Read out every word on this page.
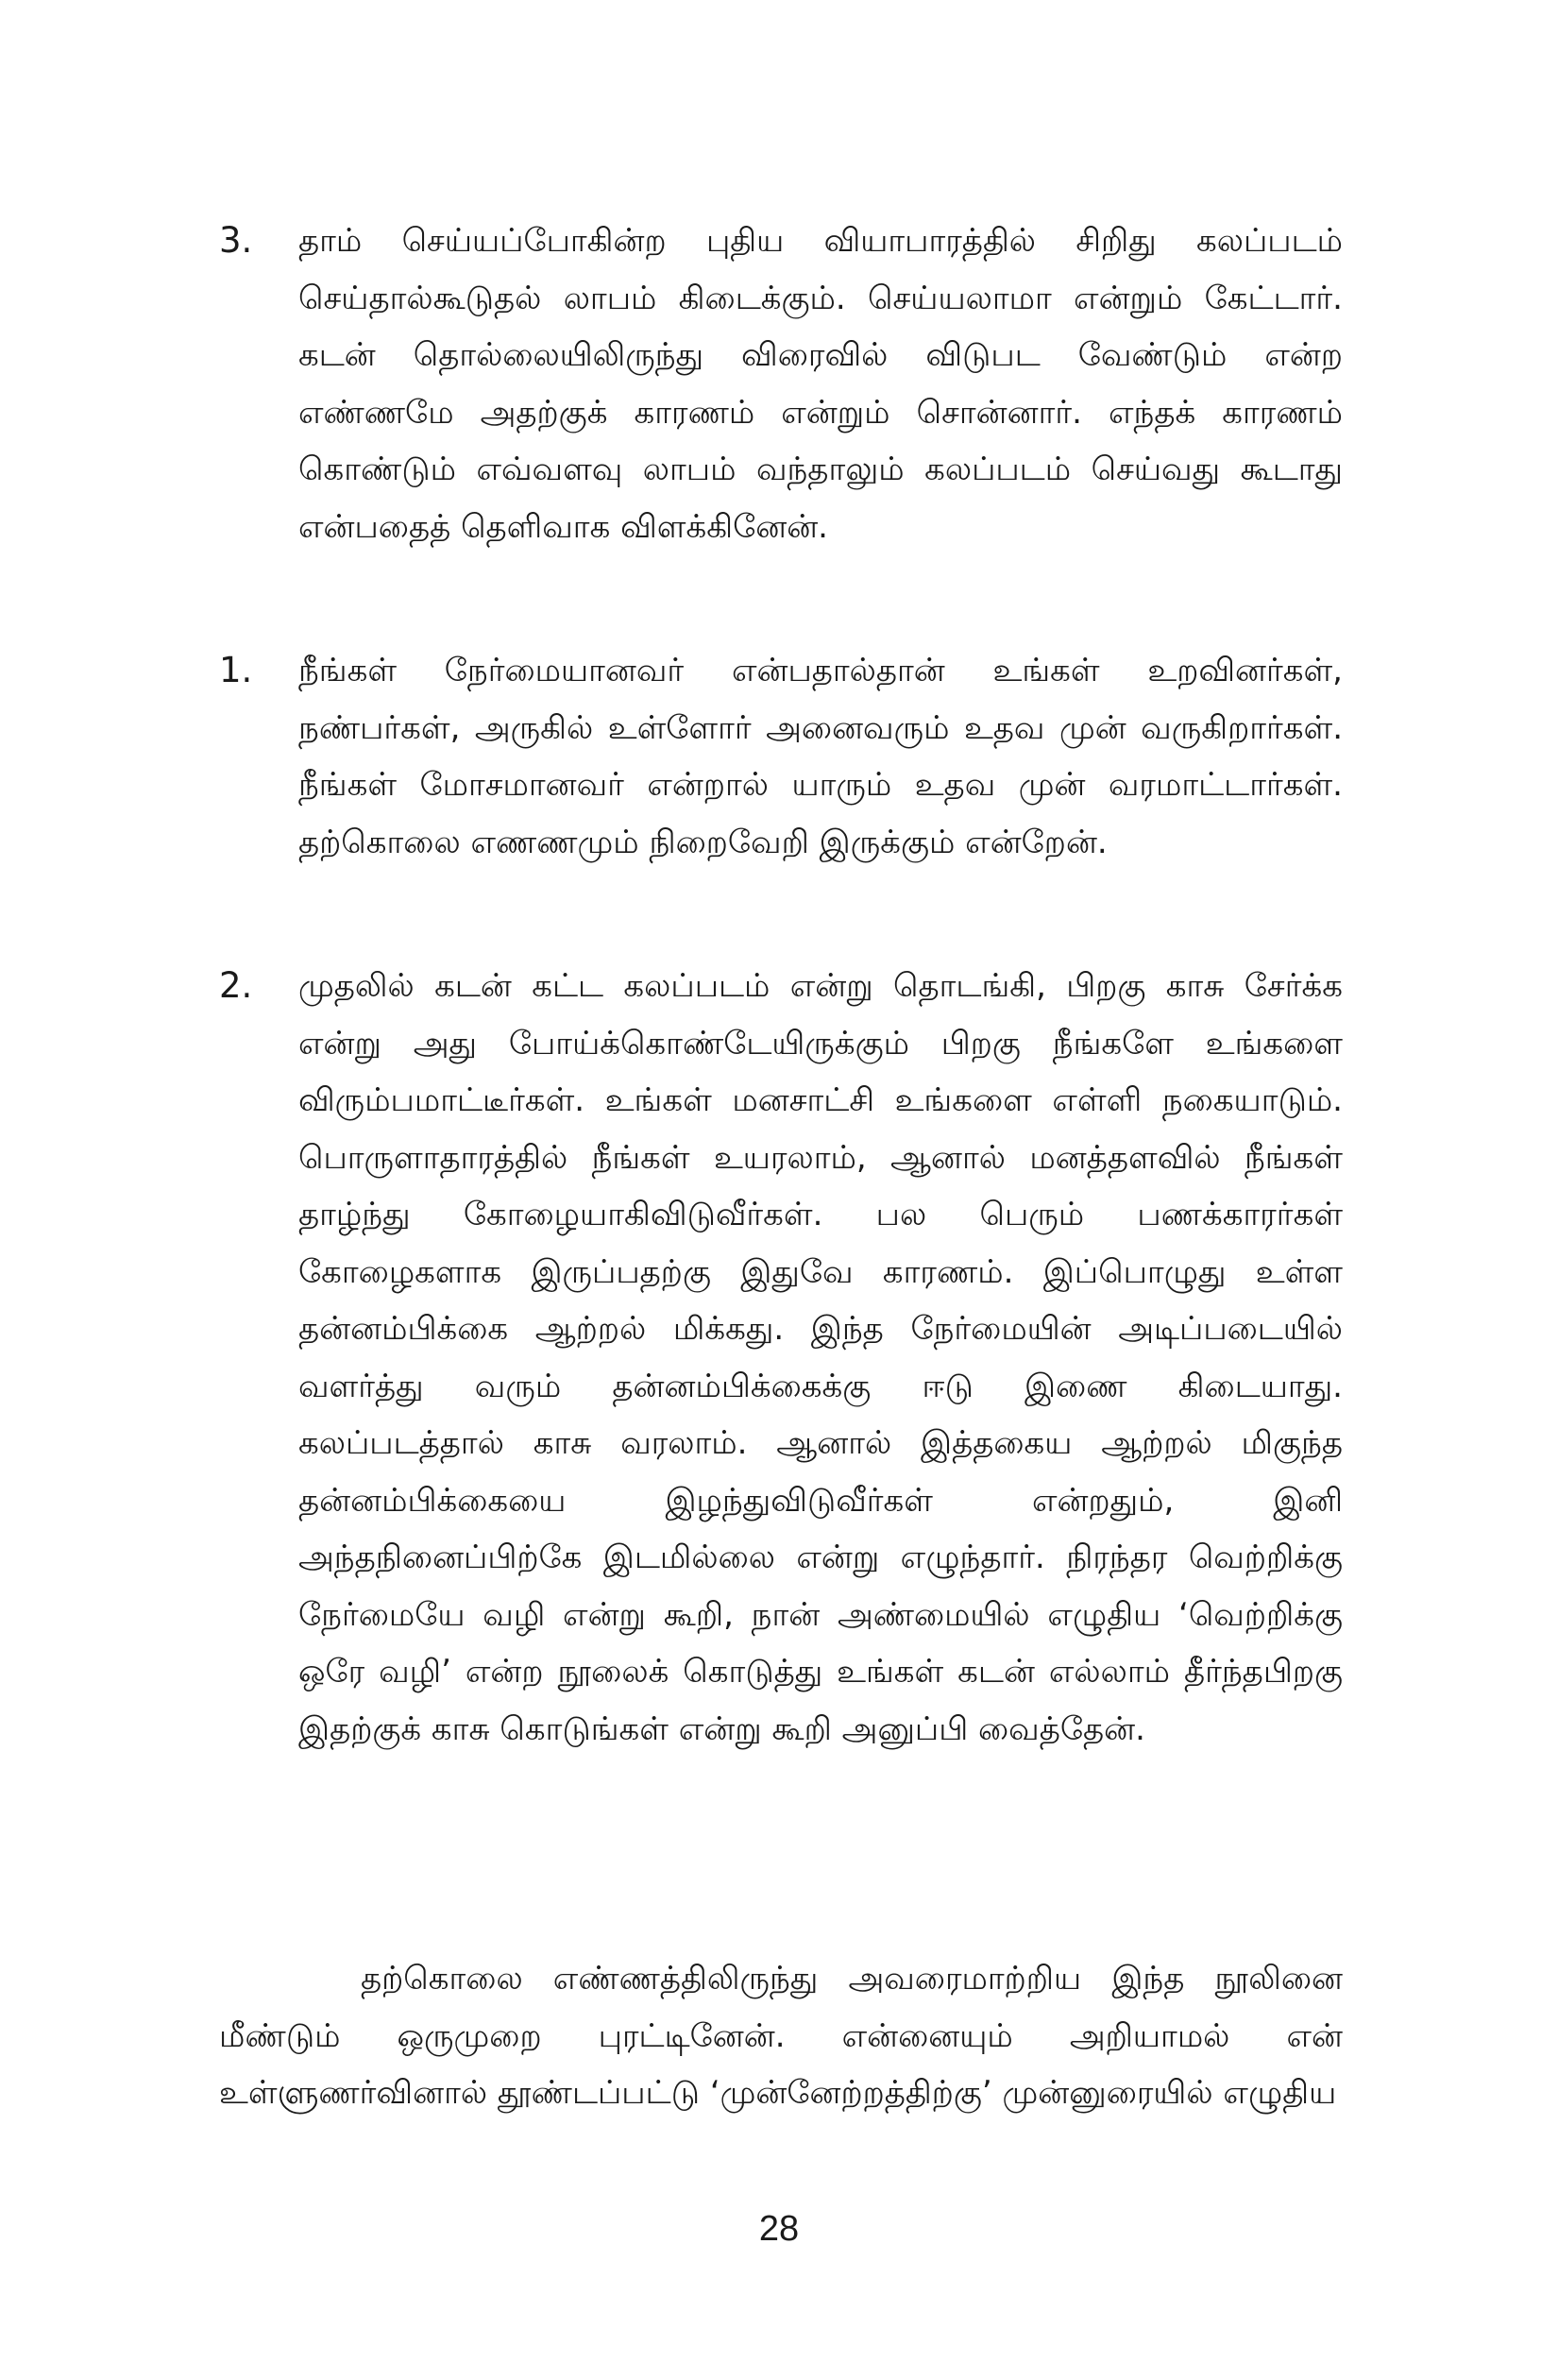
3. தாம் செய்யப்போகின்ற புதிய வியாபாரத்தில் சிறிது கலப்படம் செய்தால்கூடுதல் லாபம் கிடைக்கும். செய்யலாமா என்றும் கேட்டார். கடன் தொல்லையிலிருந்து விரைவில் விடுபட வேண்டும் என்ற எண்ணமே அதற்குக் காரணம் என்றும் சொன்னார். எந்தக் காரணம் கொண்டும் எவ்வளவு லாபம் வந்தாலும் கலப்படம் செய்வது கூடாது என்பதைத் தெளிவாக விளக்கினேன்.
1. நீங்கள் நேர்மையானவர் என்பதால்தான் உங்கள் உறவினர்கள், நண்பர்கள், அருகில் உள்ளோர் அனைவரும் உதவ முன் வருகிறார்கள். நீங்கள் மோசமானவர் என்றால் யாரும் உதவ முன் வரமாட்டார்கள். தற்கொலை எணணமும் நிறைவேறி இருக்கும் என்றேன்.
2. முதலில் கடன் கட்ட கலப்படம் என்று தொடங்கி, பிறகு காசு சேர்க்க என்று அது போய்க்கொண்டேயிருக்கும் பிறகு நீங்களே உங்களை விரும்பமாட்டீர்கள். உங்கள் மனசாட்சி உங்களை எள்ளி நகையாடும். பொருளாதாரத்தில் நீங்கள் உயரலாம், ஆனால் மனத்தளவில் நீங்கள் தாழ்ந்து கோழையாகிவிடுவீர்கள். பல பெரும் பணக்காரர்கள் கோழைகளாக இருப்பதற்கு இதுவே காரணம். இப்பொழுது உள்ள தன்னம்பிக்கை ஆற்றல் மிக்கது. இந்த நேர்மையின் அடிப்படையில் வளர்த்து வரும் தன்னம்பிக்கைக்கு ஈடு இணை கிடையாது. கலப்படத்தால் காசு வரலாம். ஆனால் இத்தகைய ஆற்றல் மிகுந்த தன்னம்பிக்கையை இழந்துவிடுவீர்கள் என்றதும், இனி அந்தநினைப்பிற்கே இடமில்லை என்று எழுந்தார். நிரந்தர வெற்றிக்கு நேர்மையே வழி என்று கூறி, நான் அண்மையில் எழுதிய ‘வெற்றிக்கு ஒரே வழி’ என்ற நூலைக் கொடுத்து உங்கள் கடன் எல்லாம் தீர்ந்தபிறகு இதற்குக் காசு கொடுங்கள் என்று கூறி அனுப்பி வைத்தேன்.
தற்கொலை எண்ணத்திலிருந்து அவரைமாற்றிய இந்த நூலினை மீண்டும் ஒருமுறை புரட்டினேன். என்னையும் அறியாமல் என் உள்ளுணர்வினால் தூண்டப்பட்டு ‘முன்னேற்றத்திற்கு’ முன்னுரையில் எழுதிய
28
